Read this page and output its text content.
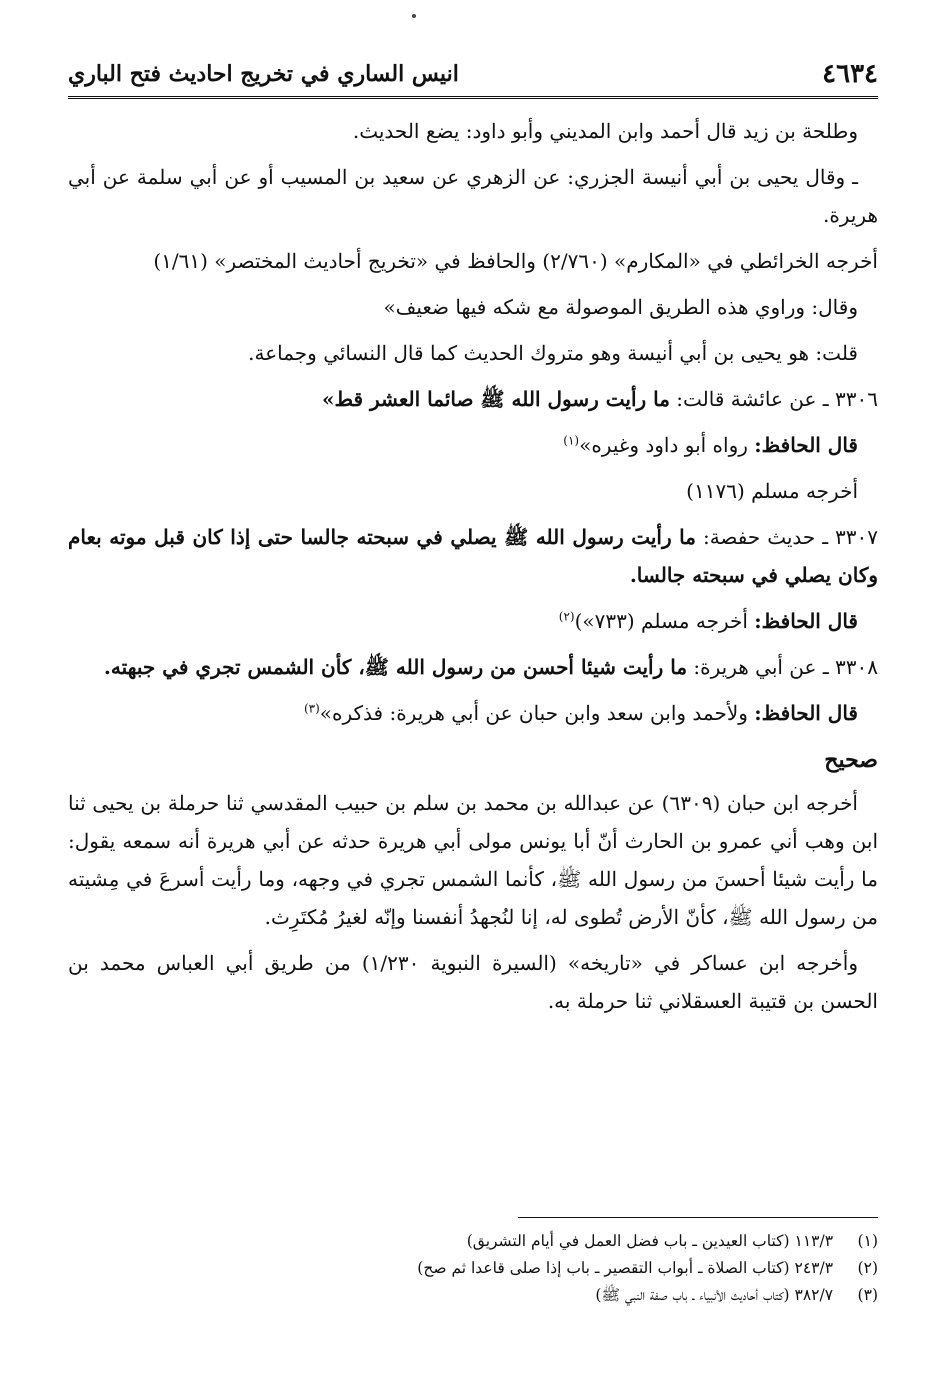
٤٦٣٤
انيس الساري في تخريج احاديث فتح الباري

وطلحة بن زيد قال أحمد وابن المديني وأبو داود: يضع الحديث.

ـ وقال يحيى بن أبي أنيسة الجزري: عن الزهري عن سعيد بن المسيب أو عن أبي سلمة عن أبي هريرة.

أخرجه الخرائطي في «المكارم» (٢/٧٦٠) والحافظ في «تخريج أحاديث المختصر» (١/٦١)

وقال: وراوي هذه الطريق الموصولة مع شكه فيها ضعيف»

قلت: هو يحيى بن أبي أنيسة وهو متروك الحديث كما قال النسائي وجماعة.

٣٣٠٦ ـ عن عائشة قالت: ما رأيت رسول الله ﷺ صائما العشر قط»

قال الحافظ: رواه أبو داود وغيره»$^{(١)}$

أخرجه مسلم (١١٧٦)

٣٣٠٧ ـ حديث حفصة: ما رأيت رسول الله ﷺ يصلي في سبحته جالسا حتى إذا كان قبل موته بعام وكان يصلي في سبحته جالسا.

قال الحافظ: أخرجه مسلم (٧٣٣»)$^{(٢)}$

٣٣٠٨ ـ عن أبي هريرة: ما رأيت شيئا أحسن من رسول الله ﷺ، كأن الشمس تجري في جبهته.

قال الحافظ: ولأحمد وابن سعد وابن حبان عن أبي هريرة: فذكره»$^{(٣)}$

صحيح

أخرجه ابن حبان (٦٣٠٩) عن عبدالله بن محمد بن سلم بن حبيب المقدسي ثنا حرملة بن يحيى ثنا ابن وهب أني عمرو بن الحارث أنّ أبا يونس مولى أبي هريرة حدثه عن أبي هريرة أنه سمعه يقول: ما رأيت شيئا أحسنَ من رسول الله ﷺ، كأنما الشمس تجري في وجهه، وما رأيت أسرعَ في مِشيته من رسول الله ﷺ، كأنّ الأرض تُطوى له، إنا لنُجهدُ أنفسنا وإنّه لغيرُ مُكتَرِث.

وأخرجه ابن عساكر في «تاريخه» (السيرة النبوية ١/٢٣٠) من طريق أبي العباس محمد بن الحسن بن قتيبة العسقلاني ثنا حرملة به.

(١) ١١٣/٣ (كتاب العيدين ـ باب فضل العمل في أيام التشريق)
(٢) ٢٤٣/٣ (كتاب الصلاة ـ أبواب التقصير ـ باب إذا صلى قاعدا ثم صح)
(٣) ٣٨٢/٧ (كتاب أحاديث الأنبياء ـ باب صفة النبي ﷺ)
